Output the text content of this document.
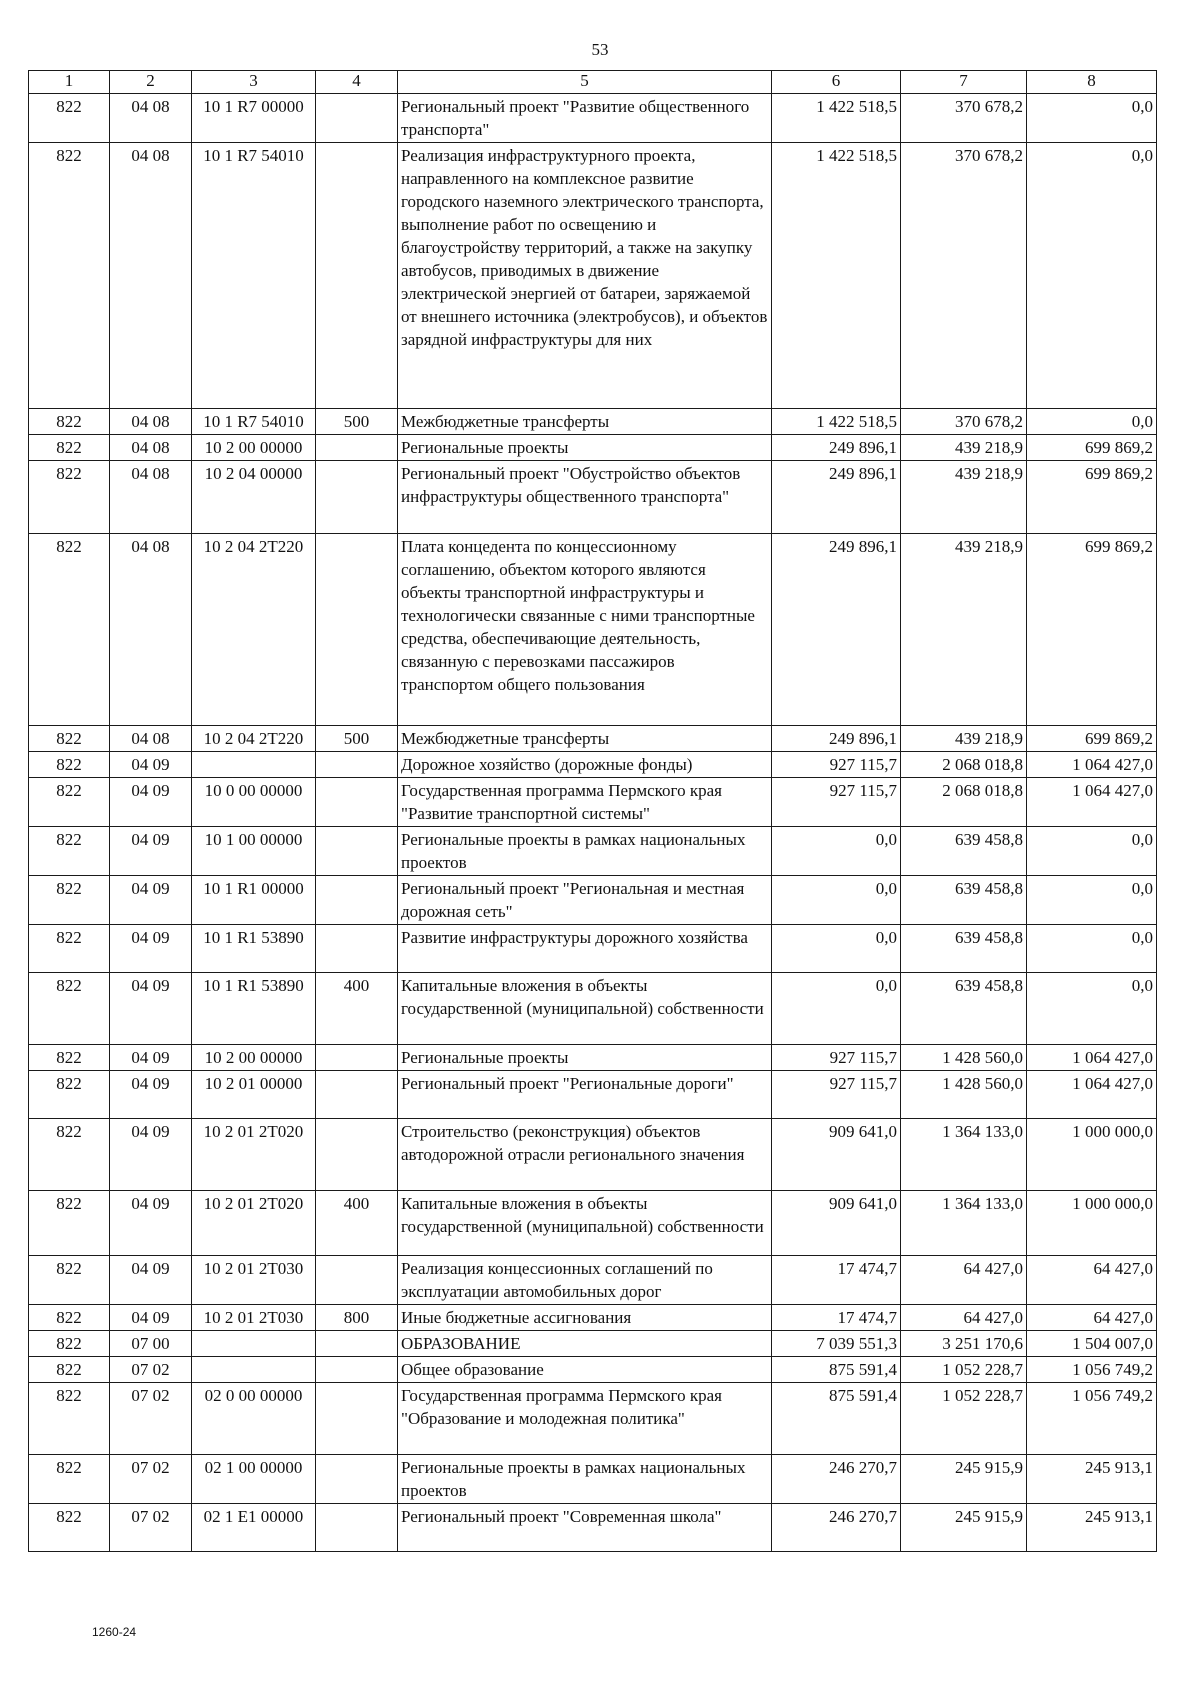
53
1	2	3	4	5	6	7	8
822	04 08	10 1 R7 00000		Региональный проект "Развитие общественного транспорта"	1 422 518,5	370 678,2	0,0
822	04 08	10 1 R7 54010		Реализация инфраструктурного проекта, направленного на комплексное развитие городского наземного электрического транспорта, выполнение работ по освещению и благоустройству территорий, а также на закупку автобусов, приводимых в движение электрической энергией от батареи, заряжаемой от внешнего источника (электробусов), и объектов зарядной инфраструктуры для них	1 422 518,5	370 678,2	0,0
822	04 08	10 1 R7 54010	500	Межбюджетные трансферты	1 422 518,5	370 678,2	0,0
822	04 08	10 2 00 00000		Региональные проекты	249 896,1	439 218,9	699 869,2
822	04 08	10 2 04 00000		Региональный проект "Обустройство объектов инфраструктуры общественного транспорта"	249 896,1	439 218,9	699 869,2
822	04 08	10 2 04 2Т220		Плата концедента по концессионному соглашению, объектом которого являются объекты транспортной инфраструктуры и технологически связанные с ними транспортные средства, обеспечивающие деятельность, связанную с перевозками пассажиров транспортом общего пользования	249 896,1	439 218,9	699 869,2
822	04 08	10 2 04 2Т220	500	Межбюджетные трансферты	249 896,1	439 218,9	699 869,2
822	04 09			Дорожное хозяйство (дорожные фонды)	927 115,7	2 068 018,8	1 064 427,0
822	04 09	10 0 00 00000		Государственная программа Пермского края "Развитие транспортной системы"	927 115,7	2 068 018,8	1 064 427,0
822	04 09	10 1 00 00000		Региональные проекты в рамках национальных проектов	0,0	639 458,8	0,0
822	04 09	10 1 R1 00000		Региональный проект "Региональная и местная дорожная сеть"	0,0	639 458,8	0,0
822	04 09	10 1 R1 53890		Развитие инфраструктуры дорожного хозяйства	0,0	639 458,8	0,0
822	04 09	10 1 R1 53890	400	Капитальные вложения в объекты государственной (муниципальной) собственности	0,0	639 458,8	0,0
822	04 09	10 2 00 00000		Региональные проекты	927 115,7	1 428 560,0	1 064 427,0
822	04 09	10 2 01 00000		Региональный проект "Региональные дороги"	927 115,7	1 428 560,0	1 064 427,0
822	04 09	10 2 01 2Т020		Строительство (реконструкция) объектов автодорожной отрасли регионального значения	909 641,0	1 364 133,0	1 000 000,0
822	04 09	10 2 01 2Т020	400	Капитальные вложения в объекты государственной (муниципальной) собственности	909 641,0	1 364 133,0	1 000 000,0
822	04 09	10 2 01 2Т030		Реализация концессионных соглашений по эксплуатации автомобильных дорог	17 474,7	64 427,0	64 427,0
822	04 09	10 2 01 2Т030	800	Иные бюджетные ассигнования	17 474,7	64 427,0	64 427,0
822	07 00			ОБРАЗОВАНИЕ	7 039 551,3	3 251 170,6	1 504 007,0
822	07 02			Общее образование	875 591,4	1 052 228,7	1 056 749,2
822	07 02	02 0 00 00000		Государственная программа Пермского края "Образование и молодежная политика"	875 591,4	1 052 228,7	1 056 749,2
822	07 02	02 1 00 00000		Региональные проекты в рамках национальных проектов	246 270,7	245 915,9	245 913,1
822	07 02	02 1 Е1 00000		Региональный проект "Современная школа"	246 270,7	245 915,9	245 913,1
1260-24
